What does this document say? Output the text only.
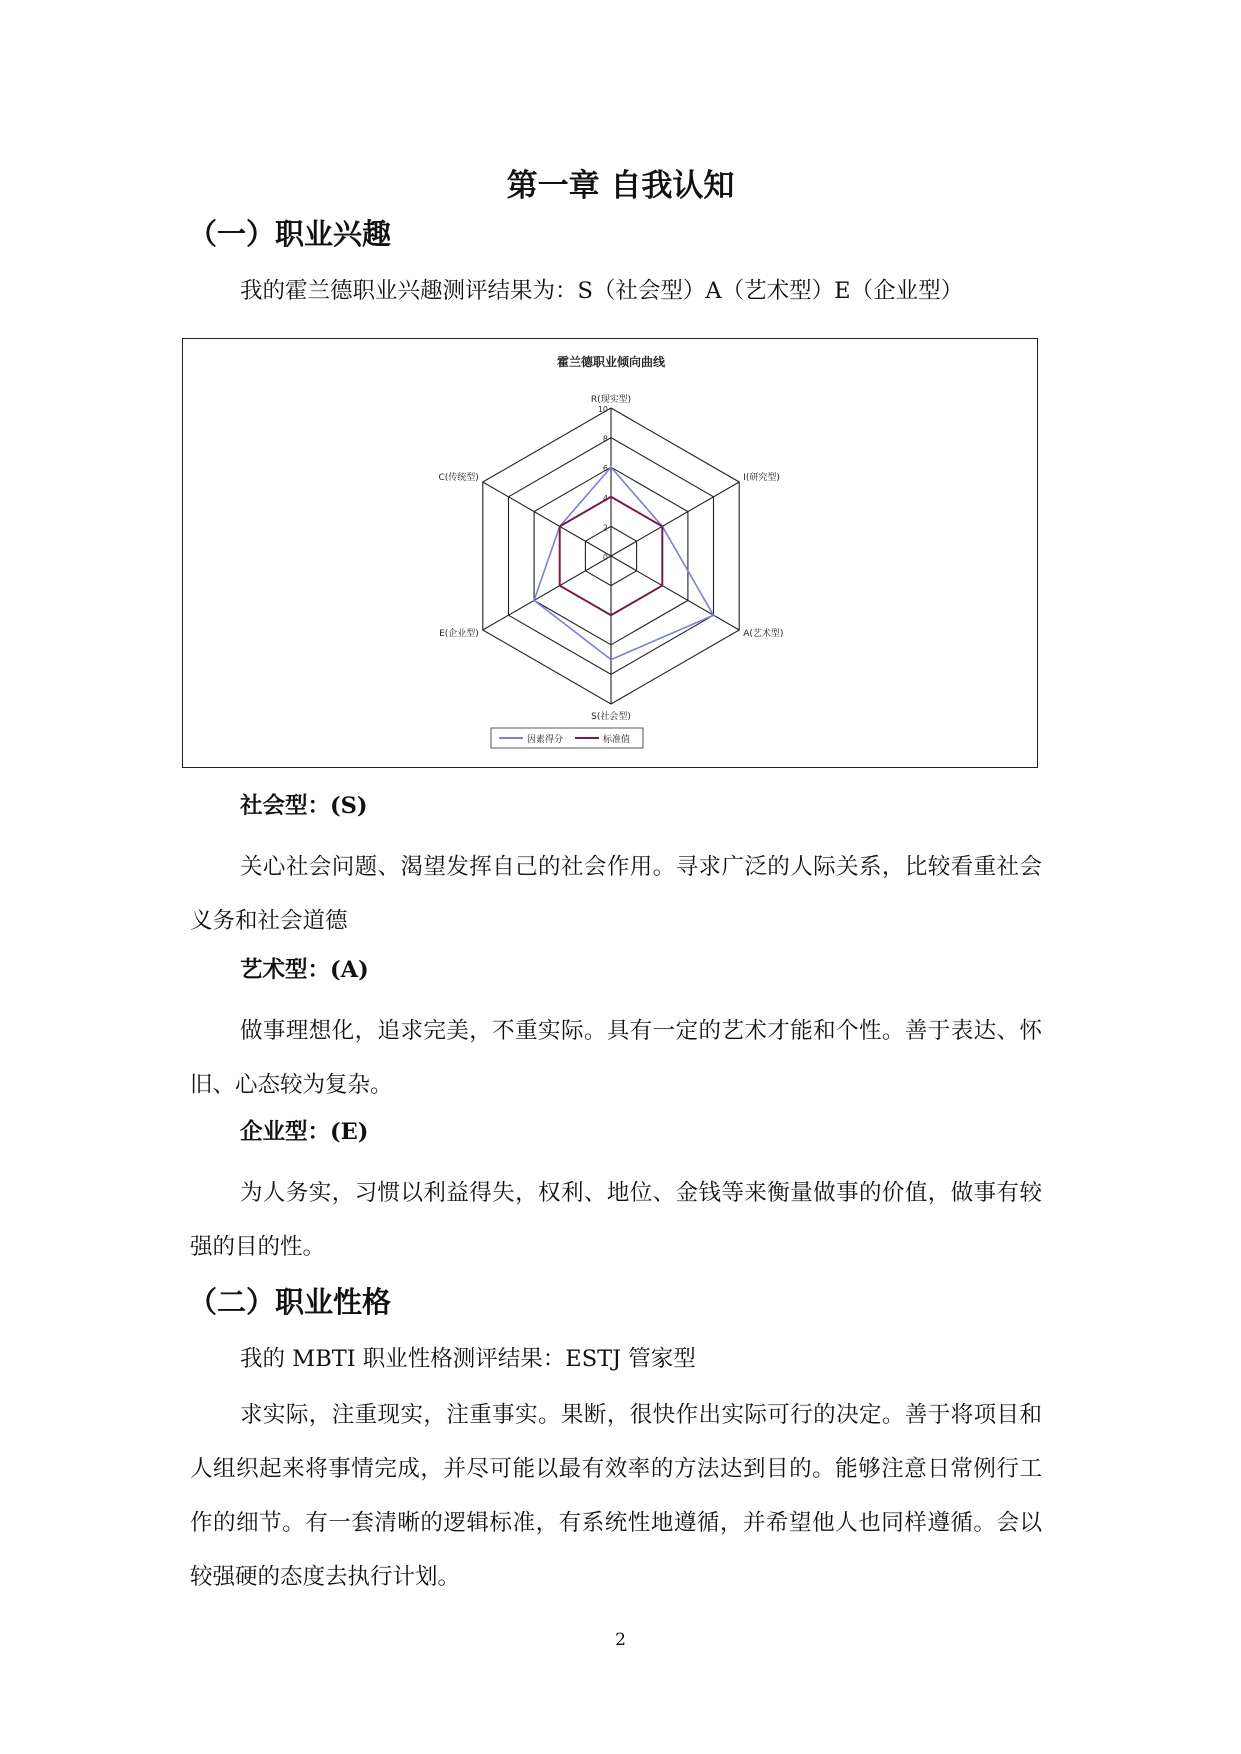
第一章 自我认知
（一）职业兴趣

我的霍兰德职业兴趣测评结果为：S（社会型）A（艺术型）E（企业型）

霍兰德职业倾向曲线
0
2
4
6
8
10
R(现实型)
I(研究型)
A(艺术型)
S(社会型)
E(企业型)
C(传统型)
因素得分	标准值

社会型：(S)

关心社会问题、渴望发挥自己的社会作用。寻求广泛的人际关系，比较看重社会义务和社会道德

艺术型：(A)

做事理想化，追求完美，不重实际。具有一定的艺术才能和个性。善于表达、怀旧、心态较为复杂。

企业型：(E)

为人务实，习惯以利益得失，权利、地位、金钱等来衡量做事的价值，做事有较强的目的性。

（二）职业性格

我的 MBTI 职业性格测评结果：ESTJ 管家型

求实际，注重现实，注重事实。果断，很快作出实际可行的决定。善于将项目和人组织起来将事情完成，并尽可能以最有效率的方法达到目的。能够注意日常例行工作的细节。有一套清晰的逻辑标准，有系统性地遵循，并希望他人也同样遵循。会以较强硬的态度去执行计划。

2
